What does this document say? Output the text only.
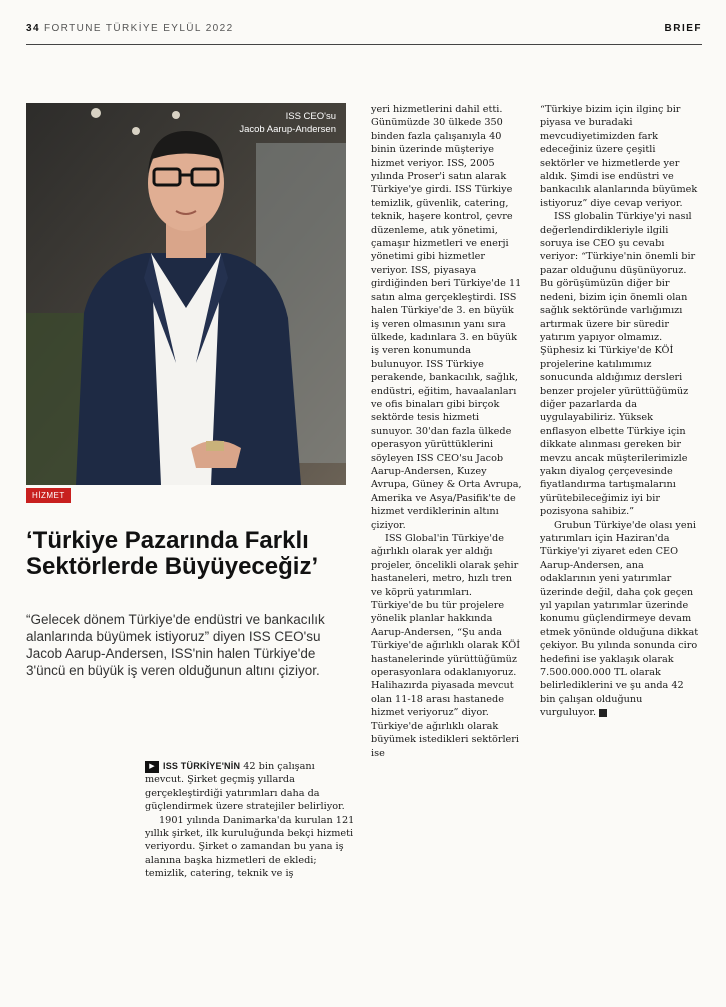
34 FORTUNE TÜRKİYE EYLÜL 2022	BRIEF
ISS CEO'su
Jacob Aarup-Andersen
HİZMET
‘Türkiye Pazarında Farklı Sektörlerde Büyüyeceğiz’

“Gelecek dönem Türkiye'de endüstri ve bankacılık alanlarında büyümek istiyoruz” diyen ISS CEO'su Jacob Aarup-Andersen, ISS'nin halen Türkiye'de 3'üncü en büyük iş veren olduğunun altını çiziyor.

▶ ISS TÜRKİYE'NİN 42 bin çalışanı mevcut. Şirket geçmiş yıllarda gerçekleştirdiği yatırımları daha da güçlendirmek üzere stratejiler belirliyor.

1901 yılında Danimarka'da kurulan 121 yıllık şirket, ilk kuruluğunda bekçi hizmeti veriyordu. Şirket o zamandan bu yana iş alanına başka hizmetleri de ekledi; temizlik, catering, teknik ve iş

yeri hizmetlerini dahil etti. Günümüzde 30 ülkede 350 binden fazla çalışanıyla 40 binin üzerinde müşteriye hizmet veriyor. ISS, 2005 yılında Proser'i satın alarak Türkiye'ye girdi. ISS Türkiye temizlik, güvenlik, catering, teknik, haşere kontrol, çevre düzenleme, atık yönetimi, çamaşır hizmetleri ve enerji yönetimi gibi hizmetler veriyor. ISS, piyasaya girdiğinden beri Türkiye'de 11 satın alma gerçekleştirdi. ISS halen Türkiye'de 3. en büyük iş veren olmasının yanı sıra ülkede, kadınlara 3. en büyük iş veren konumunda bulunuyor. ISS Türkiye perakende, bankacılık, sağlık, endüstri, eğitim, havaalanları ve ofis binaları gibi birçok sektörde tesis hizmeti sunuyor. 30'dan fazla ülkede operasyon yürüttüklerini söyleyen ISS CEO'su Jacob Aarup-Andersen, Kuzey Avrupa, Güney & Orta Avrupa, Amerika ve Asya/Pasifik'te de hizmet verdiklerinin altını çiziyor.

ISS Global'in Türkiye'de ağırlıklı olarak yer aldığı projeler, öncelikli olarak şehir hastaneleri, metro, hızlı tren ve köprü yatırımları. Türkiye'de bu tür projelere yönelik planlar hakkında Aarup-Andersen, “Şu anda Türkiye'de ağırlıklı olarak KÖİ hastanelerinde yürüttüğümüz operasyonlara odaklanıyoruz. Halihazırda piyasada mevcut olan 11-18 arası hastanede hizmet veriyoruz” diyor. Türkiye'de ağırlıklı olarak büyümek istedikleri sektörleri ise

“Türkiye bizim için ilginç bir piyasa ve buradaki mevcudiyetimizden fark edeceğiniz üzere çeşitli sektörler ve hizmetlerde yer aldık. Şimdi ise endüstri ve bankacılık alanlarında büyümek istiyoruz” diye cevap veriyor.

ISS globalin Türkiye'yi nasıl değerlendirdikleriyle ilgili soruya ise CEO şu cevabı veriyor: “Türkiye'nin önemli bir pazar olduğunu düşünüyoruz. Bu görüşümüzün diğer bir nedeni, bizim için önemli olan sağlık sektöründe varlığımızı artırmak üzere bir süredir yatırım yapıyor olmamız. Şüphesiz ki Türkiye'de KÖİ projelerine katılımımız sonucunda aldığımız dersleri benzer projeler yürüttüğümüz diğer pazarlarda da uygulayabiliriz. Yüksek enflasyon elbette Türkiye için dikkate alınması gereken bir mevzu ancak müşterilerimizle yakın diyalog çerçevesinde fiyatlandırma tartışmalarını yürütebileceğimiz iyi bir pozisyona sahibiz.”

Grubun Türkiye'de olası yeni yatırımları için Haziran'da Türkiye'yi ziyaret eden CEO Aarup-Andersen, ana odaklarının yeni yatırımlar üzerinde değil, daha çok geçen yıl yapılan yatırımlar üzerinde konumu güçlendirmeye devam etmek yönünde olduğuna dikkat çekiyor. Bu yılında sonunda ciro hedefini ise yaklaşık olarak 7.500.000.000 TL olarak belirlediklerini ve şu anda 42 bin çalışan olduğunu vurguluyor.
